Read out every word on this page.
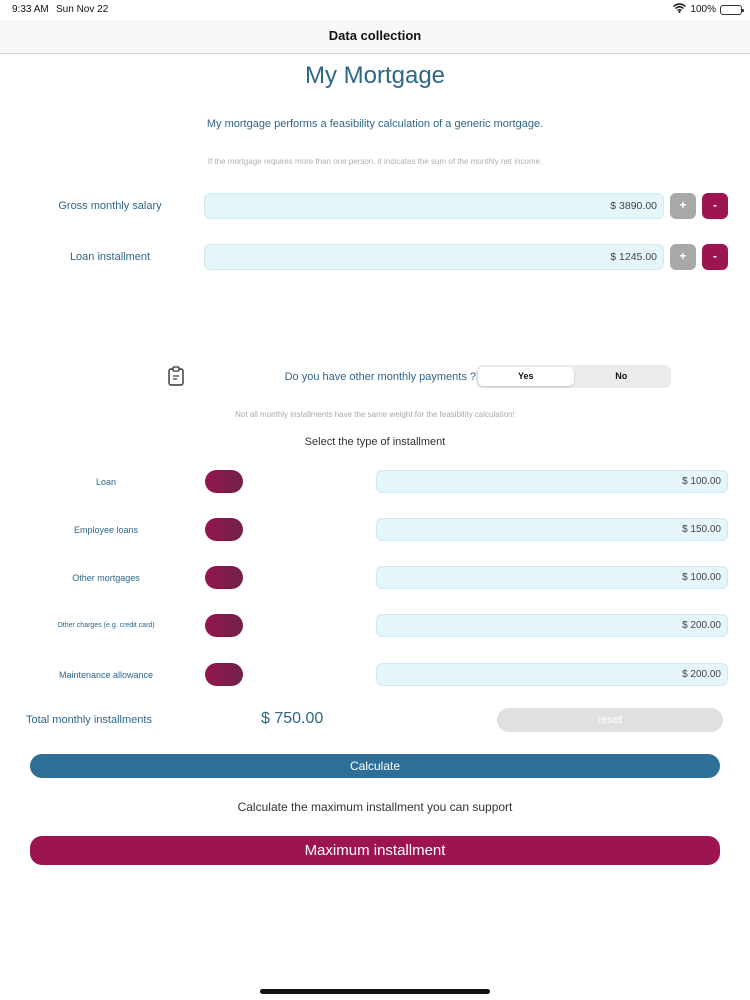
9:33 AM Sun Nov 22	100%
Data collection
My Mortgage
My mortgage performs a feasibility calculation of a generic mortgage.
If the mortgage requires more than one person, it indicates the sum of the monthly net income.
Gross monthly salary	$ 3890.00	+	-
Loan installment	$ 1245.00	+	-
Do you have other monthly payments ?	Yes	No
Not all monthly installments have the same weight for the feasibility calculation!
Select the type of installment
Loan	$ 100.00
Employee loans	$ 150.00
Other mortgages	$ 100.00
Other charges (e.g. credit card)	$ 200.00
Maintenance allowance	$ 200.00
Total monthly installments	$ 750.00	reset
Calculate
Calculate the maximum installment you can support
Maximum installment
